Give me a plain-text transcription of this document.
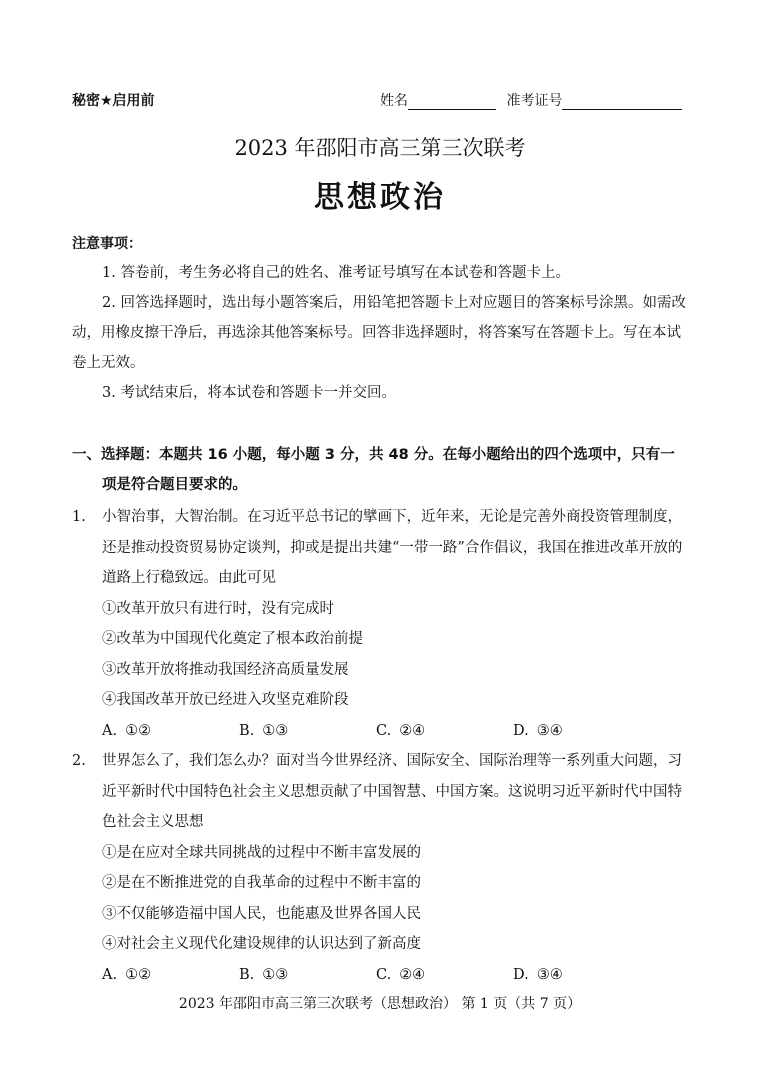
秘密★启用前	姓名	准考证号
2023 年邵阳市高三第三次联考
思想政治
注意事项：
1. 答卷前，考生务必将自己的姓名、准考证号填写在本试卷和答题卡上。
2. 回答选择题时，选出每小题答案后，用铅笔把答题卡上对应题目的答案标号涂黑。如需改动，用橡皮擦干净后，再选涂其他答案标号。回答非选择题时，将答案写在答题卡上。写在本试卷上无效。
3. 考试结束后，将本试卷和答题卡一并交回。
一、选择题：本题共 16 小题，每小题 3 分，共 48 分。在每小题给出的四个选项中，只有一
项是符合题目要求的。
1.	小智治事，大智治制。在习近平总书记的擘画下，近年来，无论是完善外商投资管理制度，还是推动投资贸易协定谈判，抑或是提出共建“一带一路”合作倡议，我国在推进改革开放的道路上行稳致远。由此可见
①改革开放只有进行时，没有完成时
②改革为中国现代化奠定了根本政治前提
③改革开放将推动我国经济高质量发展
④我国改革开放已经进入攻坚克难阶段
A. ①②	B. ①③	C. ②④	D. ③④
2.	世界怎么了，我们怎么办？面对当今世界经济、国际安全、国际治理等一系列重大问题，习近平新时代中国特色社会主义思想贡献了中国智慧、中国方案。这说明习近平新时代中国特色社会主义思想
①是在应对全球共同挑战的过程中不断丰富发展的
②是在不断推进党的自我革命的过程中不断丰富的
③不仅能够造福中国人民，也能惠及世界各国人民
④对社会主义现代化建设规律的认识达到了新高度
A. ①②	B. ①③	C. ②④	D. ③④
2023 年邵阳市高三第三次联考（思想政治） 第 1 页（共 7 页）
